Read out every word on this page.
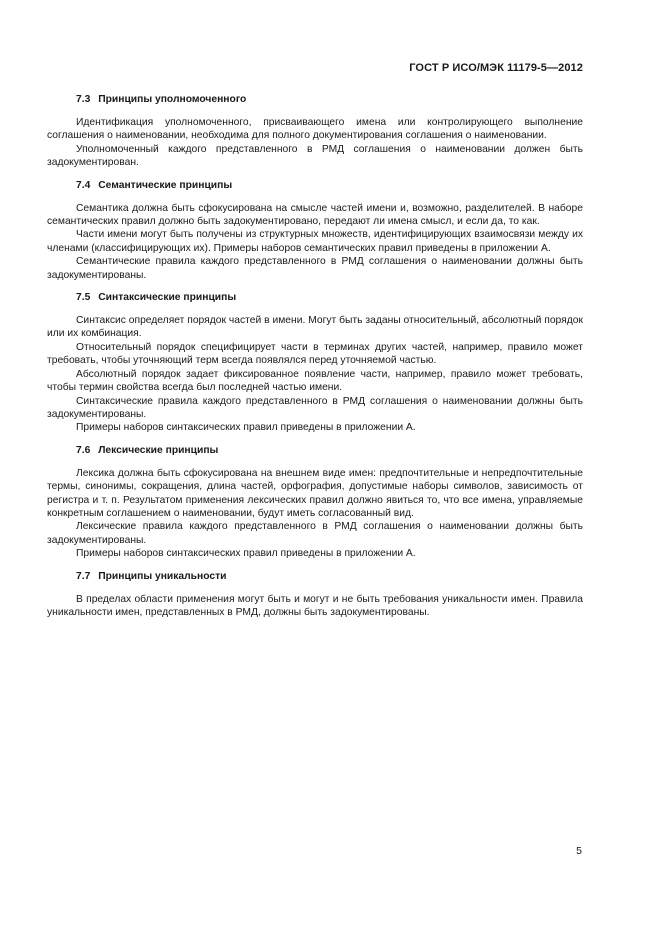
ГОСТ Р ИСО/МЭК 11179-5—2012
7.3 Принципы уполномоченного

Идентификация уполномоченного, присваивающего имена или контролирующего выполнение соглашения о наименовании, необходима для полного документирования соглашения о наименовании.

Уполномоченный каждого представленного в РМД соглашения о наименовании должен быть задокументирован.

7.4 Семантические принципы

Семантика должна быть сфокусирована на смысле частей имени и, возможно, разделителей. В наборе семантических правил должно быть задокументировано, передают ли имена смысл, и если да, то как.

Части имени могут быть получены из структурных множеств, идентифицирующих взаимосвязи между их членами (классифицирующих их). Примеры наборов семантических правил приведены в приложении А.

Семантические правила каждого представленного в РМД соглашения о наименовании должны быть задокументированы.

7.5 Синтаксические принципы

Синтаксис определяет порядок частей в имени. Могут быть заданы относительный, абсолютный порядок или их комбинация.

Относительный порядок специфицирует части в терминах других частей, например, правило может требовать, чтобы уточняющий терм всегда появлялся перед уточняемой частью.

Абсолютный порядок задает фиксированное появление части, например, правило может требовать, чтобы термин свойства всегда был последней частью имени.

Синтаксические правила каждого представленного в РМД соглашения о наименовании должны быть задокументированы.

Примеры наборов синтаксических правил приведены в приложении А.

7.6 Лексические принципы

Лексика должна быть сфокусирована на внешнем виде имен: предпочтительные и непредпочтительные термы, синонимы, сокращения, длина частей, орфография, допустимые наборы символов, зависимость от регистра и т. п. Результатом применения лексических правил должно явиться то, что все имена, управляемые конкретным соглашением о наименовании, будут иметь согласованный вид.

Лексические правила каждого представленного в РМД соглашения о наименовании должны быть задокументированы.

Примеры наборов синтаксических правил приведены в приложении А.

7.7 Принципы уникальности

В пределах области применения могут быть и могут и не быть требования уникальности имен. Правила уникальности имен, представленных в РМД, должны быть задокументированы.

5
